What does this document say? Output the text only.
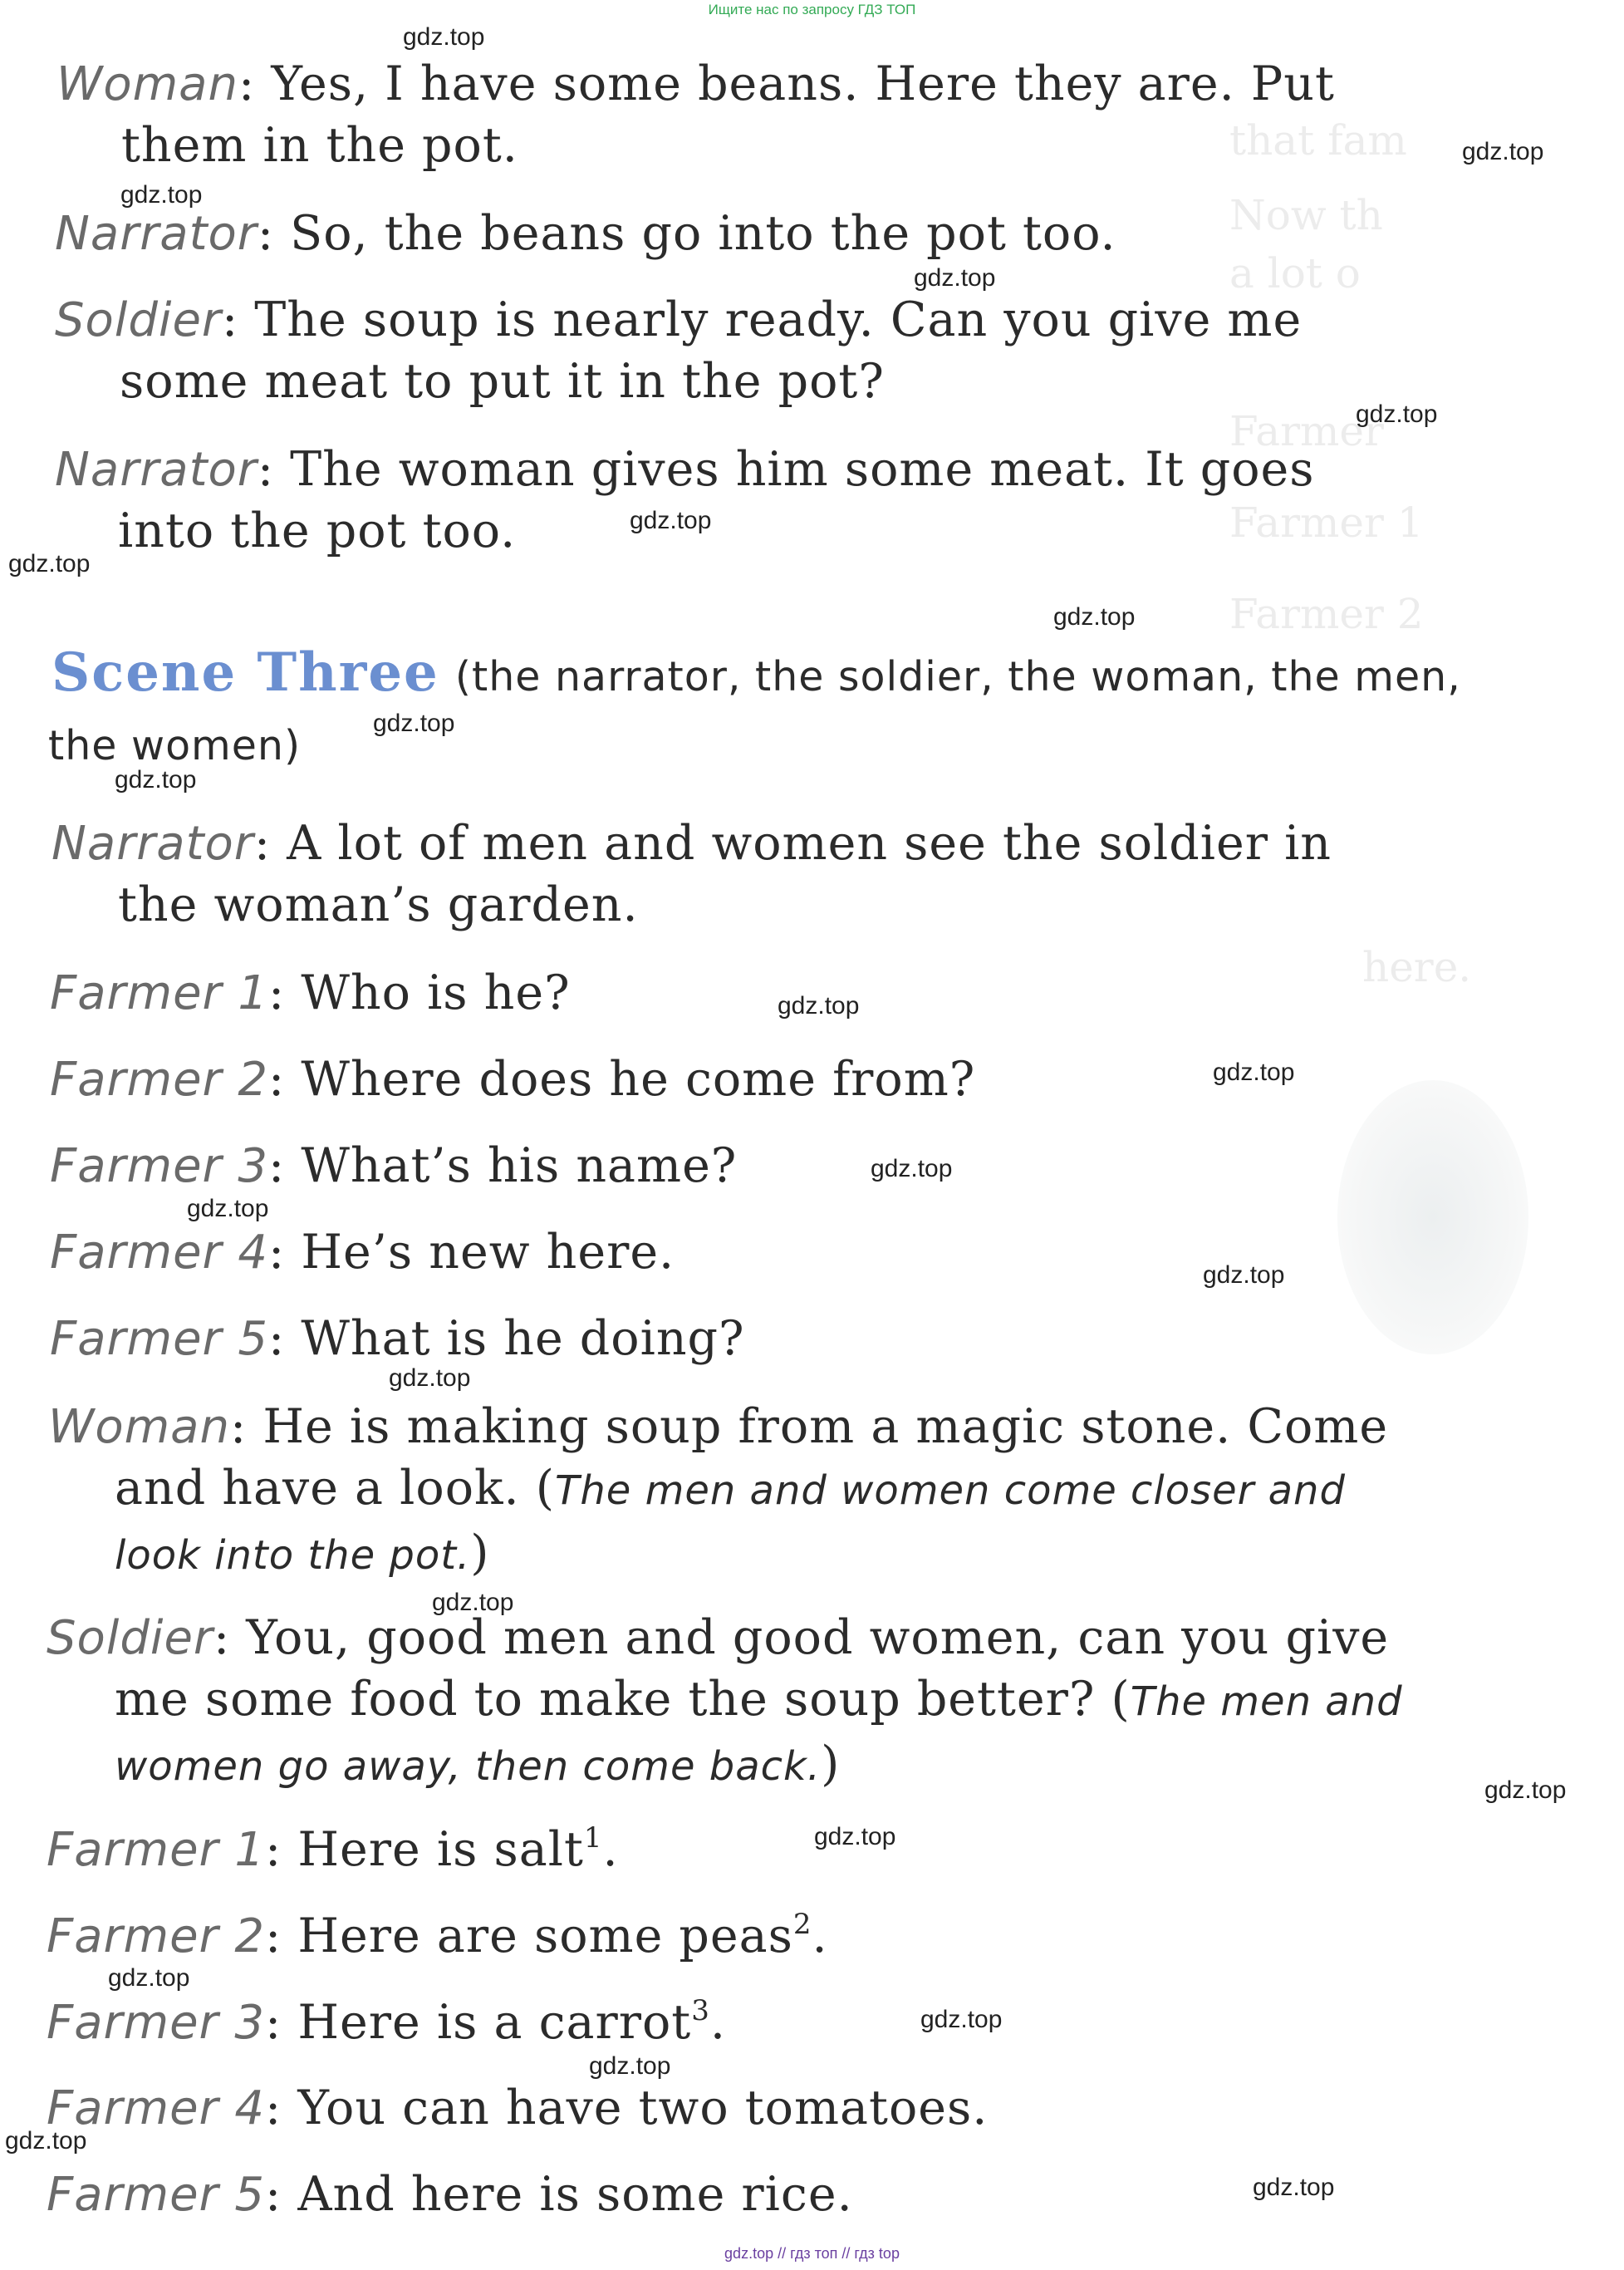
Ищите нас по запросу ГДЗ ТОП
that fam
Now th
a lot o
Farmer
Farmer 1
Farmer 2
here.
Woman: Yes, I have some beans. Here they are. Put
them in the pot.
Narrator: So, the beans go into the pot too.
Soldier: The soup is nearly ready. Can you give me
some meat to put it in the pot?
Narrator: The woman gives him some meat. It goes
into the pot too.
Scene Three (the narrator, the soldier, the woman, the men,
the women)
Narrator: A lot of men and women see the soldier in
the woman’s garden.
Farmer 1: Who is he?
Farmer 2: Where does he come from?
Farmer 3: What’s his name?
Farmer 4: He’s new here.
Farmer 5: What is he doing?
Woman: He is making soup from a magic stone. Come
and have a look. (The men and women come closer and
look into the pot.)
Soldier: You, good men and good women, can you give
me some food to make the soup better? (The men and
women go away, then come back.)
Farmer 1: Here is salt$^1$.
Farmer 2: Here are some peas$^2$.
Farmer 3: Here is a carrot$^3$.
Farmer 4: You can have two tomatoes.
Farmer 5: And here is some rice.
gdz.top
gdz.top
gdz.top
gdz.top
gdz.top
gdz.top
gdz.top
gdz.top
gdz.top
gdz.top
gdz.top
gdz.top
gdz.top
gdz.top
gdz.top
gdz.top
gdz.top
gdz.top
gdz.top
gdz.top
gdz.top
gdz.top
gdz.top
gdz.top
gdz.top // гдз топ // гдз top
